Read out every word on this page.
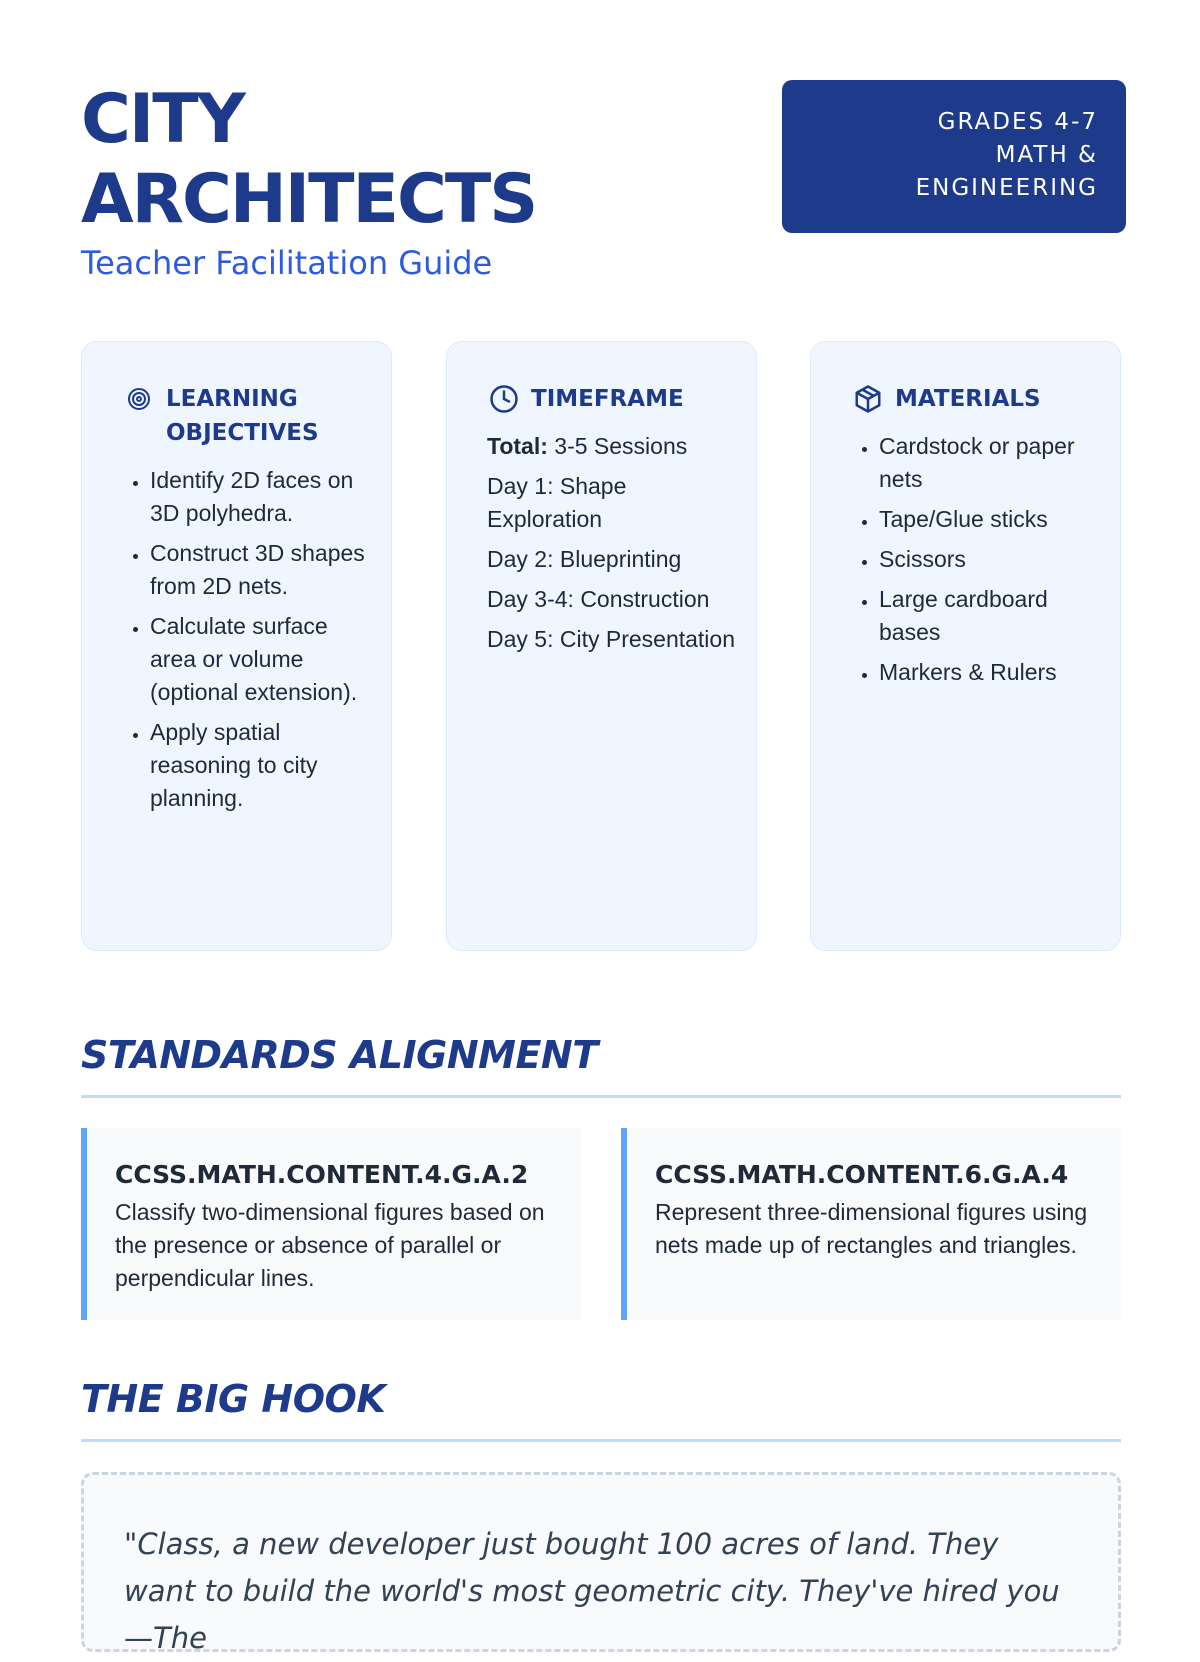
CITY
ARCHITECTS
Teacher Facilitation Guide
GRADES 4-7
MATH &
ENGINEERING
LEARNING OBJECTIVES
• Identify 2D faces on 3D polyhedra.
• Construct 3D shapes from 2D nets.
• Calculate surface area or volume (optional extension).
• Apply spatial reasoning to city planning.
TIMEFRAME
Total: 3-5 Sessions
Day 1: Shape Exploration
Day 2: Blueprinting
Day 3-4: Construction
Day 5: City Presentation
MATERIALS
• Cardstock or paper nets
• Tape/Glue sticks
• Scissors
• Large cardboard bases
• Markers & Rulers
STANDARDS ALIGNMENT
CCSS.MATH.CONTENT.4.G.A.2
Classify two-dimensional figures based on the presence or absence of parallel or perpendicular lines.
CCSS.MATH.CONTENT.6.G.A.4
Represent three-dimensional figures using nets made up of rectangles and triangles.
THE BIG HOOK

"Class, a new developer just bought 100 acres of land. They want to build the world's most geometric city. They've hired you—The
